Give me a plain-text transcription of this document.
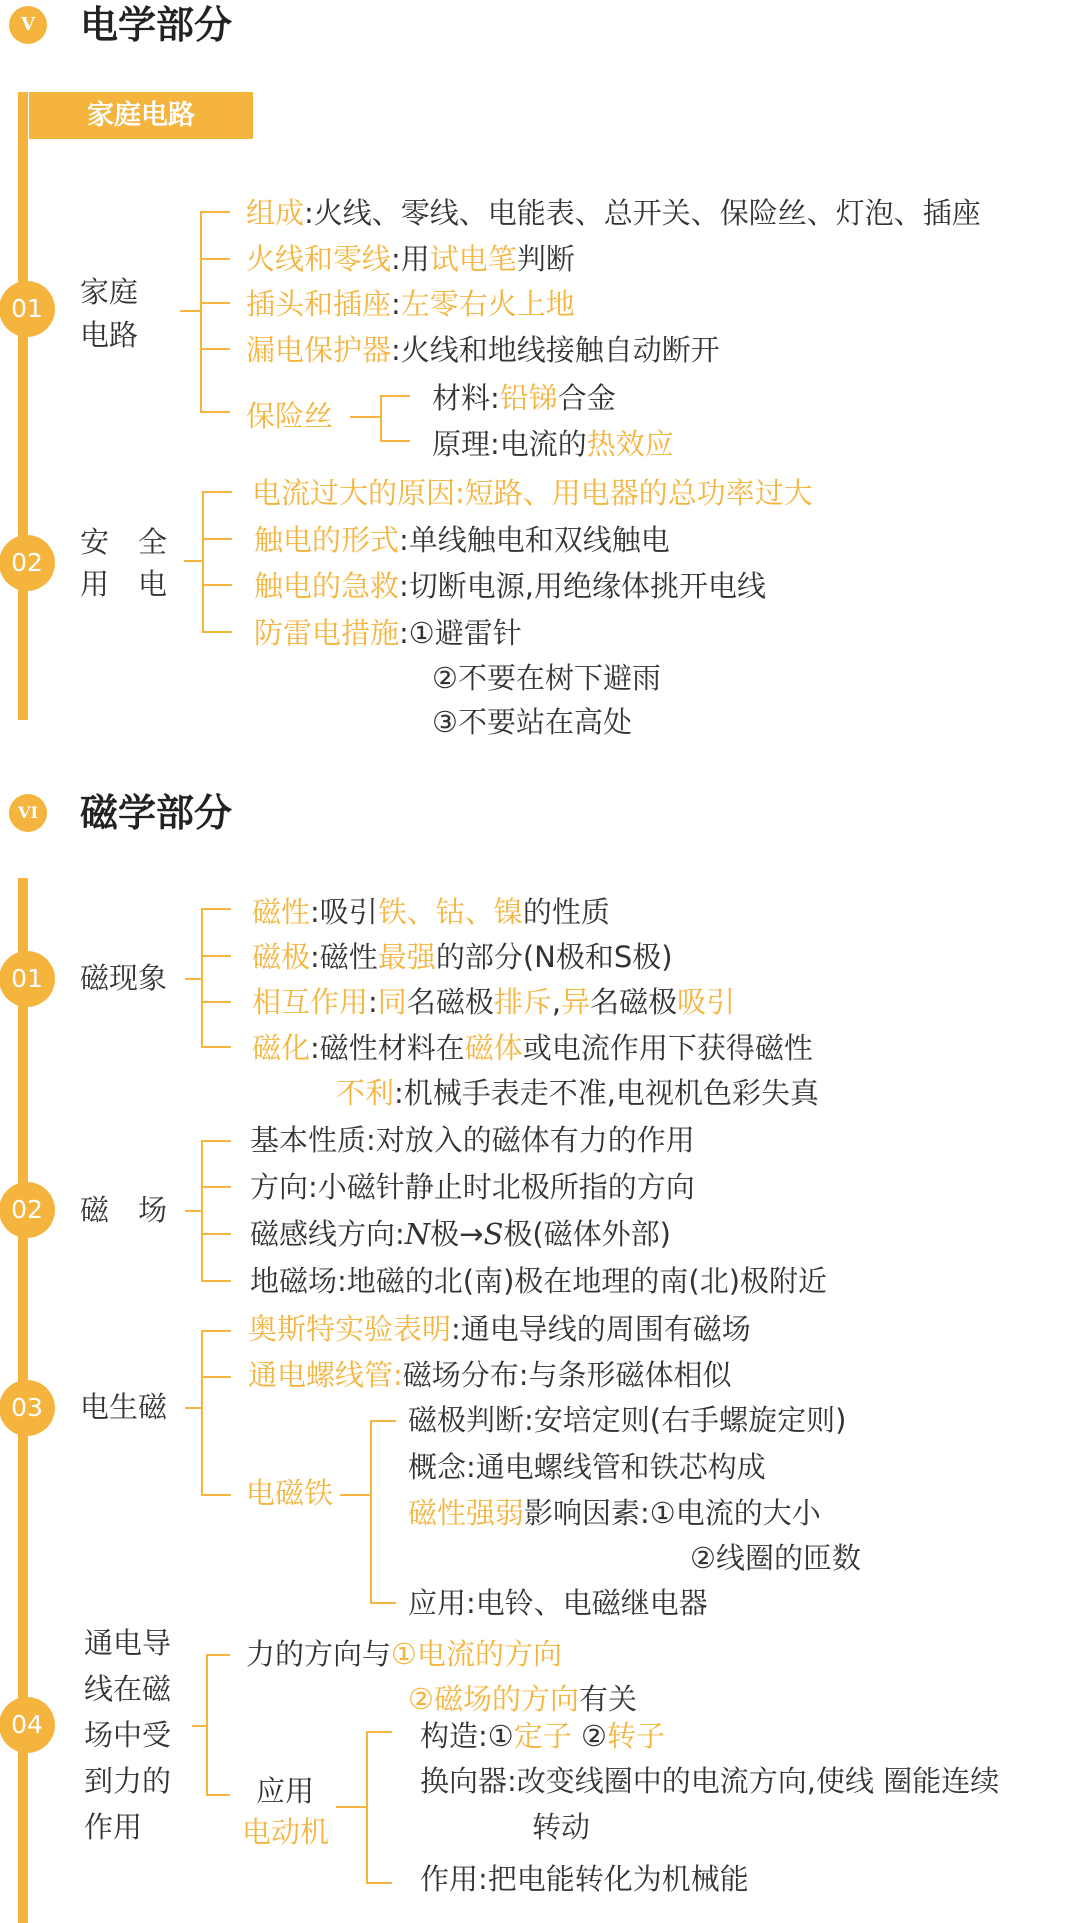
V	电学部分
家庭电路
01	家庭
电路
组成:火线、零线、电能表、总开关、保险丝、灯泡、插座
火线和零线:用试电笔判断
插头和插座:左零右火上地
漏电保护器:火线和地线接触自动断开
保险丝
材料:铅锑合金
原理:电流的热效应
02
安　全
用　电
电流过大的原因:短路、用电器的总功率过大
触电的形式:单线触电和双线触电
触电的急救:切断电源,用绝缘体挑开电线
防雷电措施:①避雷针
②不要在树下避雨
③不要站在高处
VI 磁学部分
01	磁现象
磁性:吸引铁、钴、镍的性质
磁极:磁性最强的部分(N极和S极)
相互作用:同名磁极排斥,异名磁极吸引
磁化:磁性材料在磁体或电流作用下获得磁性
不利:机械手表走不准,电视机色彩失真
02	磁　场
基本性质:对放入的磁体有力的作用
方向:小磁针静止时北极所指的方向
磁感线方向:N极→S极(磁体外部)
地磁场:地磁的北(南)极在地理的南(北)极附近
03	电生磁
奥斯特实验表明:通电导线的周围有磁场
通电螺线管:磁场分布:与条形磁体相似
电磁铁
磁极判断:安培定则(右手螺旋定则)
概念:通电螺线管和铁芯构成
磁性强弱影响因素:①电流的大小
②线圈的匝数
应用:电铃、电磁继电器
04
通电导
线在磁
场中受
到力的
作用
力的方向与①电流的方向
②磁场的方向有关
应用
电动机
构造:①定子 ②转子
换向器:改变线圈中的电流方向,使线 圈能连续
转动
作用:把电能转化为机械能
